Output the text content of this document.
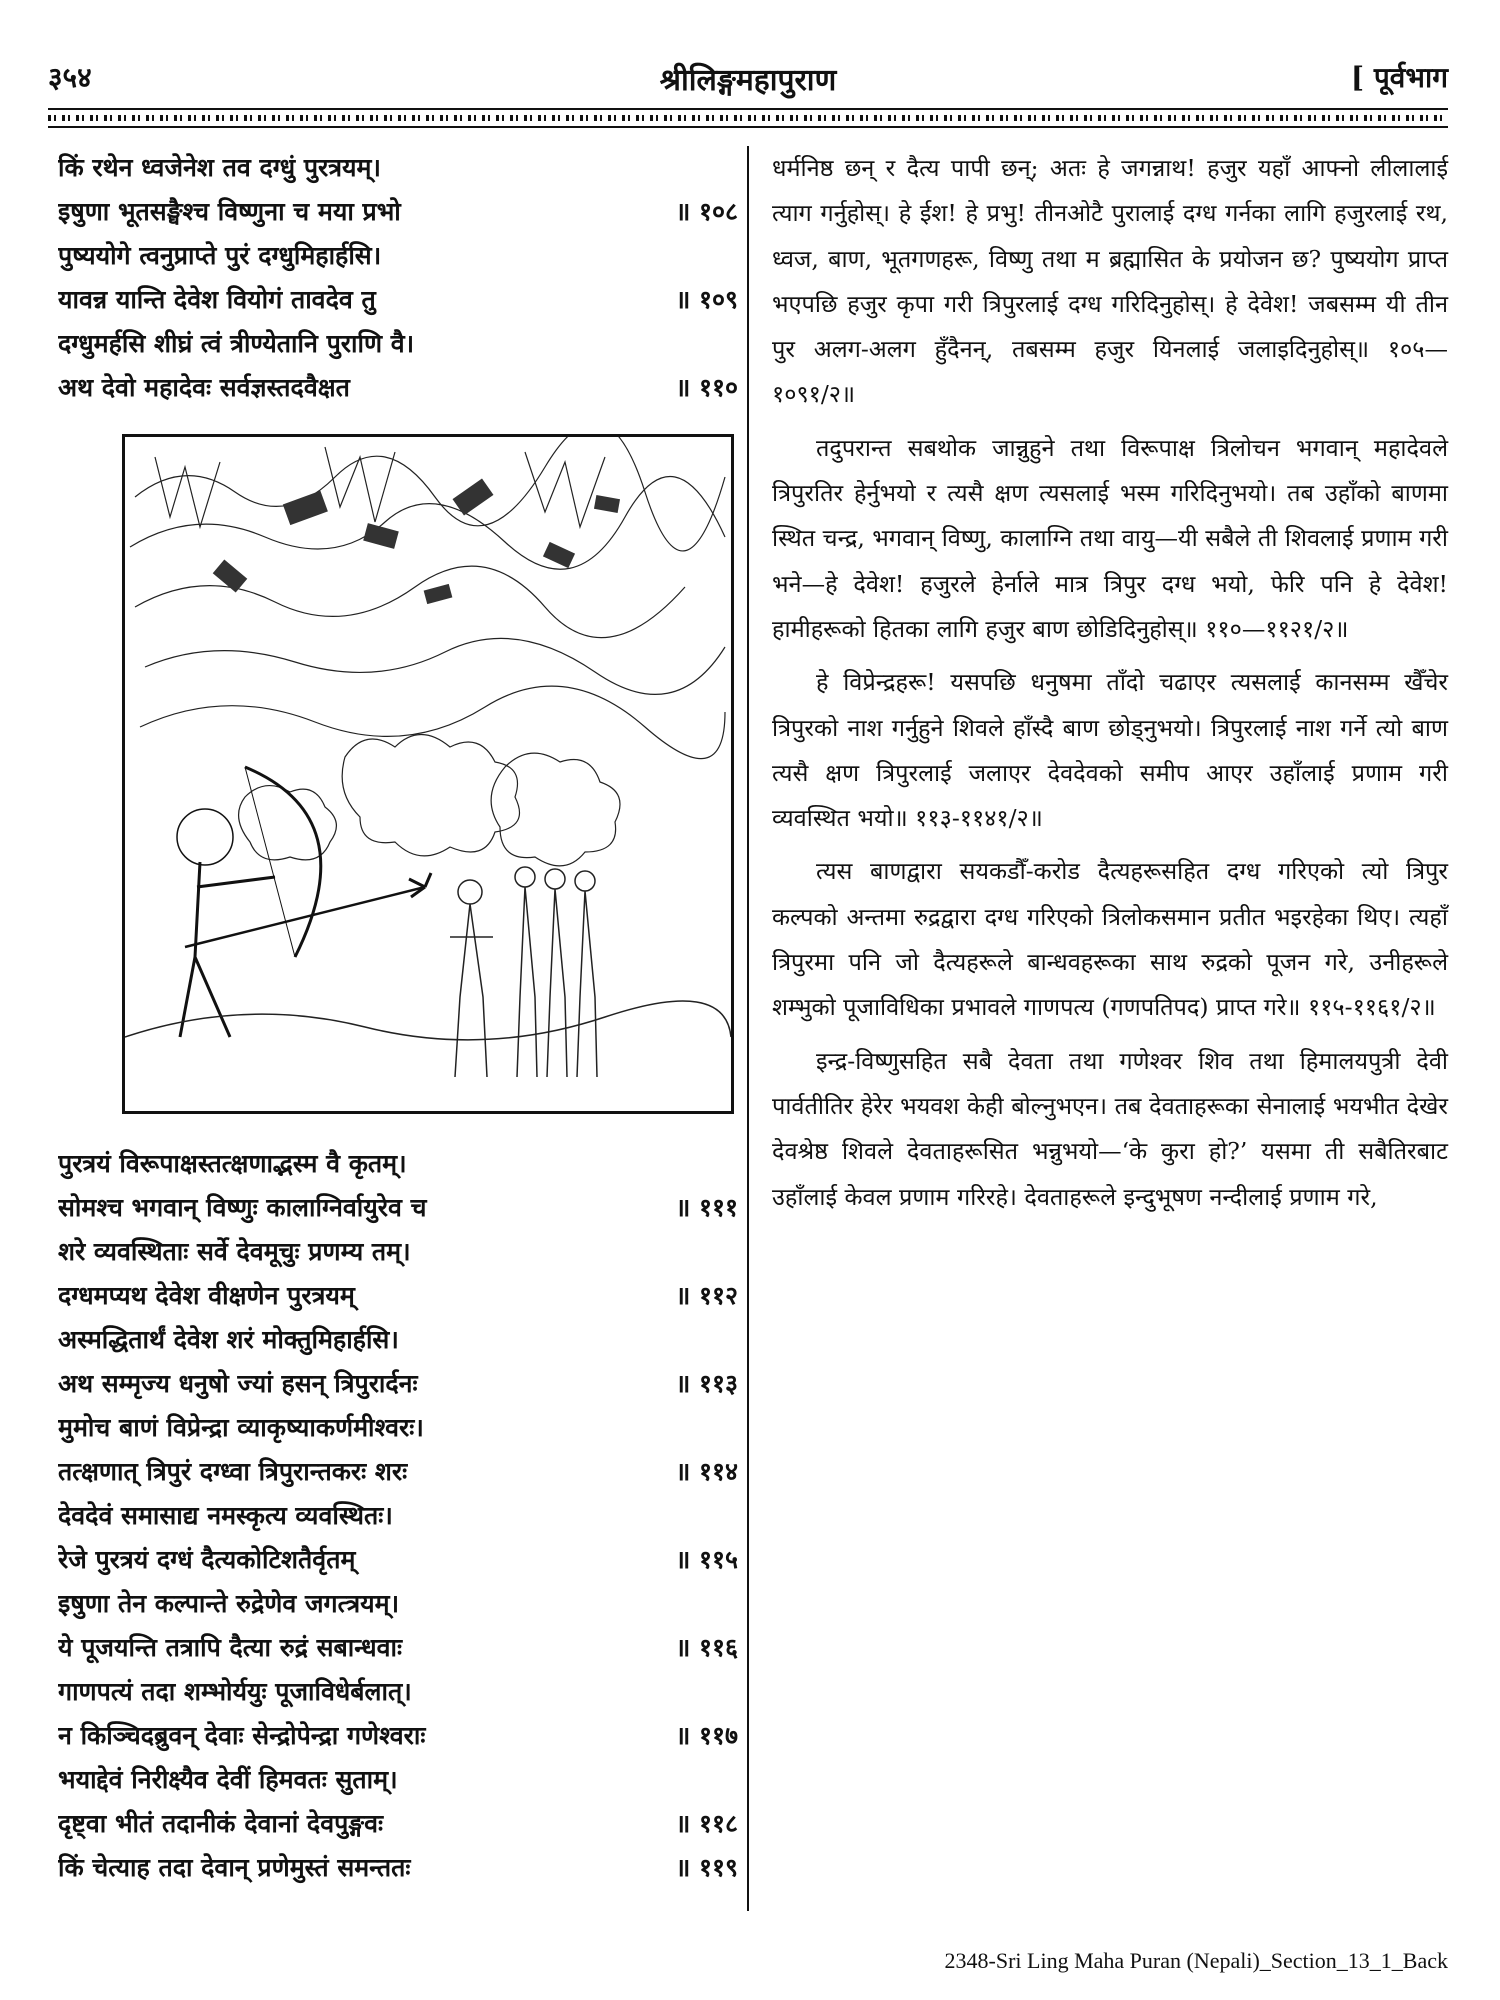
३५४	श्रीलिङ्गमहापुराण	[ पूर्वभाग
किं रथेन ध्वजेनेश तव दग्धुं पुरत्रयम्।
इषुणा भूतसङ्घैश्च विष्णुना च मया प्रभो	॥ १०८
पुष्ययोगे त्वनुप्राप्ते पुरं दग्धुमिहार्हसि।
यावन्न यान्ति देवेश वियोगं तावदेव तु	॥ १०९
दग्धुमर्हसि शीघ्रं त्वं त्रीण्येतानि पुराणि वै।
अथ देवो महादेवः सर्वज्ञस्तदवैक्षत	॥ ११०
पुरत्रयं विरूपाक्षस्तत्क्षणाद्भस्म वै कृतम्।
सोमश्च भगवान् विष्णुः कालाग्निर्वायुरेव च	॥ १११
शरे व्यवस्थिताः सर्वे देवमूचुः प्रणम्य तम्।
दग्धमप्यथ देवेश वीक्षणेन पुरत्रयम्	॥ ११२
अस्मद्धितार्थं देवेश शरं मोक्तुमिहार्हसि।
अथ सम्मृज्य धनुषो ज्यां हसन् त्रिपुरार्दनः	॥ ११३
मुमोच बाणं विप्रेन्द्रा व्याकृष्याकर्णमीश्वरः।
तत्क्षणात् त्रिपुरं दग्ध्वा त्रिपुरान्तकरः शरः	॥ ११४
देवदेवं समासाद्य नमस्कृत्य व्यवस्थितः।
रेजे पुरत्रयं दग्धं दैत्यकोटिशतैर्वृतम्	॥ ११५
इषुणा तेन कल्पान्ते रुद्रेणेव जगत्त्रयम्।
ये पूजयन्ति तत्रापि दैत्या रुद्रं सबान्धवाः	॥ ११६
गाणपत्यं तदा शम्भोर्ययुः पूजाविधेर्बलात्।
न किञ्चिदब्रुवन् देवाः सेन्द्रोपेन्द्रा गणेश्वराः	॥ ११७
भयाद्देवं निरीक्ष्यैव देवीं हिमवतः सुताम्।
दृष्ट्वा भीतं तदानीकं देवानां देवपुङ्गवः	॥ ११८
किं चेत्याह तदा देवान् प्रणेमुस्तं समन्ततः	॥ ११९

धर्मनिष्ठ छन् र दैत्य पापी छन्; अतः हे जगन्नाथ! हजुर यहाँ आफ्नो लीलालाई त्याग गर्नुहोस्। हे ईश! हे प्रभु! तीनओटै पुरालाई दग्ध गर्नका लागि हजुरलाई रथ, ध्वज, बाण, भूतगणहरू, विष्णु तथा म ब्रह्मासित के प्रयोजन छ? पुष्ययोग प्राप्त भएपछि हजुर कृपा गरी त्रिपुरलाई दग्ध गरिदिनुहोस्। हे देवेश! जबसम्म यी तीन पुर अलग-अलग हुँदैनन्, तबसम्म हजुर यिनलाई जलाइदिनुहोस्॥ १०५—१०९१/२॥

तदुपरान्त सबथोक जान्नुहुने तथा विरूपाक्ष त्रिलोचन भगवान् महादेवले त्रिपुरतिर हेर्नुभयो र त्यसै क्षण त्यसलाई भस्म गरिदिनुभयो। तब उहाँको बाणमा स्थित चन्द्र, भगवान् विष्णु, कालाग्नि तथा वायु—यी सबैले ती शिवलाई प्रणाम गरी भने—हे देवेश! हजुरले हेर्नाले मात्र त्रिपुर दग्ध भयो, फेरि पनि हे देवेश! हामीहरूको हितका लागि हजुर बाण छोडिदिनुहोस्॥ ११०—११२१/२॥

हे विप्रेन्द्रहरू! यसपछि धनुषमा ताँदो चढाएर त्यसलाई कानसम्म खैँचेर त्रिपुरको नाश गर्नुहुने शिवले हाँस्दै बाण छोड्नुभयो। त्रिपुरलाई नाश गर्ने त्यो बाण त्यसै क्षण त्रिपुरलाई जलाएर देवदेवको समीप आएर उहाँलाई प्रणाम गरी व्यवस्थित भयो॥ ११३-११४१/२॥

त्यस बाणद्वारा सयकडौँ-करोड दैत्यहरूसहित दग्ध गरिएको त्यो त्रिपुर कल्पको अन्तमा रुद्रद्वारा दग्ध गरिएको त्रिलोकसमान प्रतीत भइरहेका थिए। त्यहाँ त्रिपुरमा पनि जो दैत्यहरूले बान्धवहरूका साथ रुद्रको पूजन गरे, उनीहरूले शम्भुको पूजाविधिका प्रभावले गाणपत्य (गणपतिपद) प्राप्त गरे॥ ११५-११६१/२॥

इन्द्र-विष्णुसहित सबै देवता तथा गणेश्वर शिव तथा हिमालयपुत्री देवी पार्वतीतिर हेरेर भयवश केही बोल्नुभएन। तब देवताहरूका सेनालाई भयभीत देखेर देवश्रेष्ठ शिवले देवताहरूसित भन्नुभयो—‘के कुरा हो?’ यसमा ती सबैतिरबाट उहाँलाई केवल प्रणाम गरिरहे। देवताहरूले इन्दुभूषण नन्दीलाई प्रणाम गरे,

2348-Sri Ling Maha Puran (Nepali)_Section_13_1_Back
